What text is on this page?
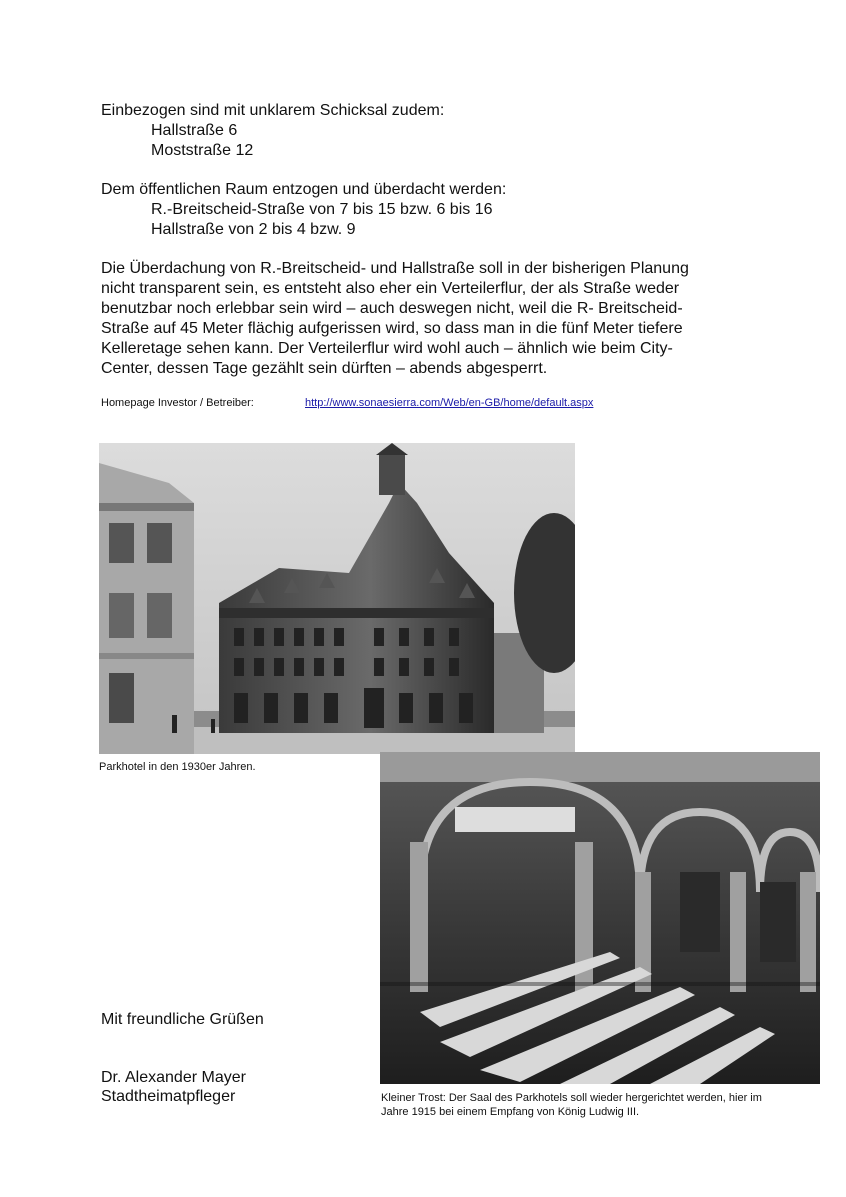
Einbezogen sind mit unklarem Schicksal zudem:
Hallstraße 6
Moststraße 12
Dem öffentlichen Raum entzogen und überdacht werden:
R.-Breitscheid-Straße von 7 bis 15 bzw. 6 bis 16
Hallstraße von 2 bis 4 bzw. 9
Die Überdachung von R.-Breitscheid- und Hallstraße soll in der bisherigen Planung
nicht transparent sein, es entsteht also eher ein Verteilerflur, der als Straße weder
benutzbar noch erlebbar sein wird – auch deswegen nicht, weil die R- Breitscheid-
Straße auf 45 Meter flächig aufgerissen wird, so dass man in die fünf Meter tiefere
Kelleretage sehen kann. Der Verteilerflur wird wohl auch – ähnlich wie beim City-
Center, dessen Tage gezählt sein dürften – abends abgesperrt.
Homepage Investor / Betreiber:	http://www.sonaesierra.com/Web/en-GB/home/default.aspx
Parkhotel in den 1930er Jahren.
Kleiner Trost: Der Saal des Parkhotels soll wieder hergerichtet werden, hier im
Jahre 1915 bei einem Empfang von König Ludwig III.
Mit freundliche Grüßen
Dr. Alexander Mayer
Stadtheimatpfleger
